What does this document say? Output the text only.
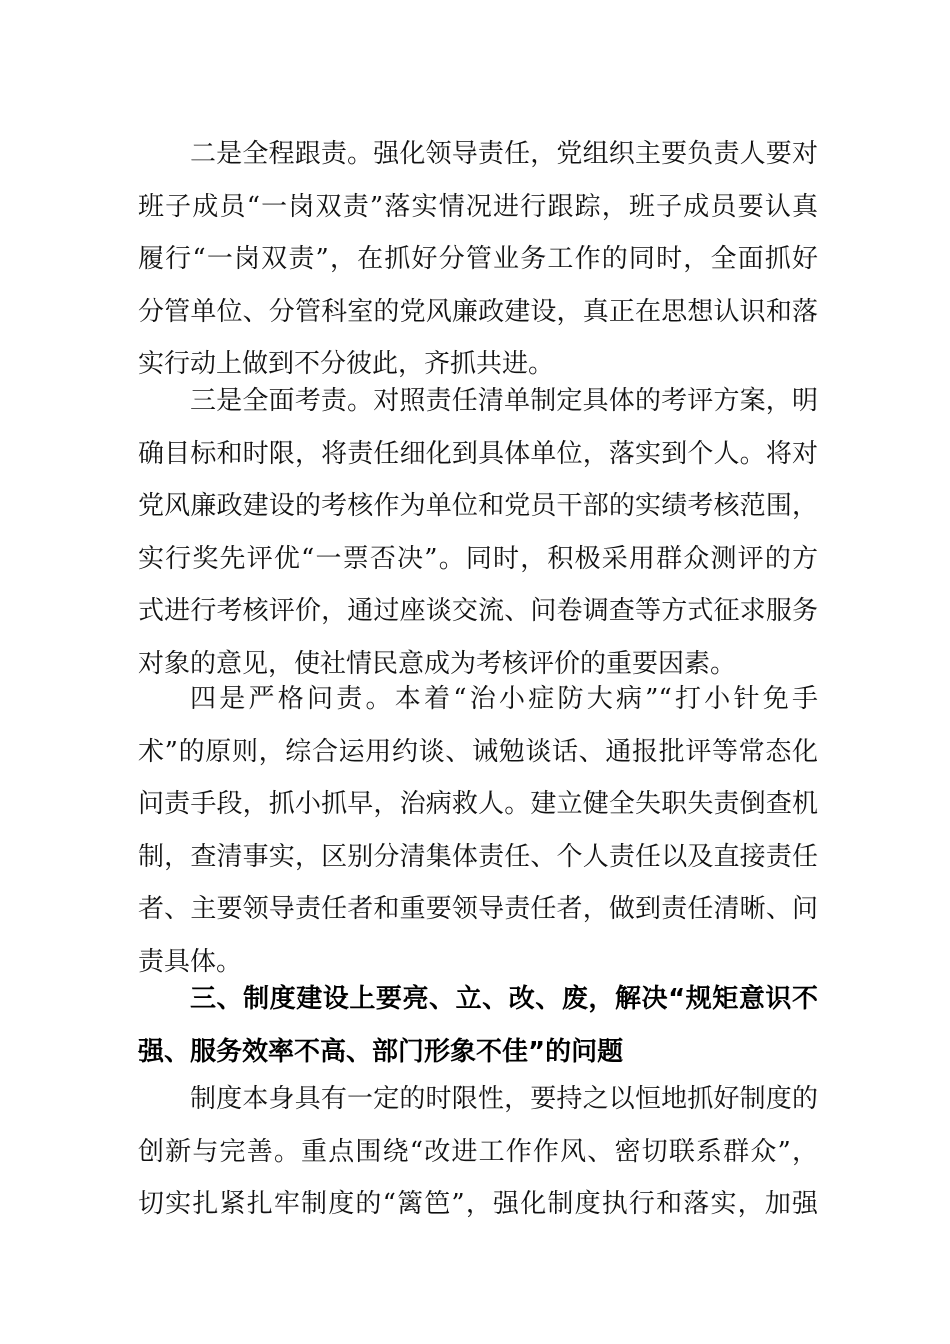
二是全程跟责。强化领导责任，党组织主要负责人要对
班子成员“一岗双责”落实情况进行跟踪，班子成员要认真
履行“一岗双责”，在抓好分管业务工作的同时，全面抓好
分管单位、分管科室的党风廉政建设，真正在思想认识和落
实行动上做到不分彼此，齐抓共进。
三是全面考责。对照责任清单制定具体的考评方案，明
确目标和时限，将责任细化到具体单位，落实到个人。将对
党风廉政建设的考核作为单位和党员干部的实绩考核范围，
实行奖先评优“一票否决”。同时，积极采用群众测评的方
式进行考核评价，通过座谈交流、问卷调查等方式征求服务
对象的意见，使社情民意成为考核评价的重要因素。
四是严格问责。本着“治小症防大病”“打小针免手
术”的原则，综合运用约谈、诫勉谈话、通报批评等常态化
问责手段，抓小抓早，治病救人。建立健全失职失责倒查机
制，查清事实，区别分清集体责任、个人责任以及直接责任
者、主要领导责任者和重要领导责任者，做到责任清晰、问
责具体。
三、制度建设上要亮、立、改、废，解决“规矩意识不
强、服务效率不高、部门形象不佳”的问题
制度本身具有一定的时限性，要持之以恒地抓好制度的
创新与完善。重点围绕“改进工作作风、密切联系群众”，
切实扎紧扎牢制度的“篱笆”，强化制度执行和落实，加强
